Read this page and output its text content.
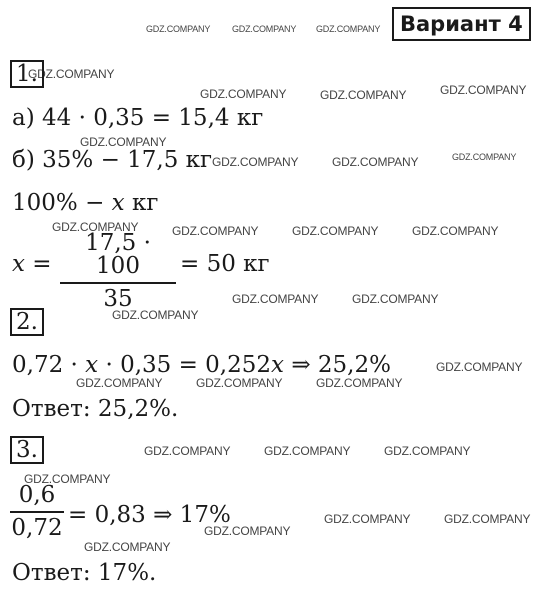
Вариант 4
GDZ.COMPANY GDZ.COMPANY GDZ.COMPANY
GDZ.COMPANY
GDZ.COMPANY	GDZ.COMPANY	GDZ.COMPANY
GDZ.COMPANY
GDZ.COMPANY	GDZ.COMPANY	GDZ.COMPANY
GDZ.COMPANY	GDZ.COMPANY	GDZ.COMPANY	GDZ.COMPANY
GDZ.COMPANY	GDZ.COMPANY
GDZ.COMPANY
GDZ.COMPANY
GDZ.COMPANY	GDZ.COMPANY	GDZ.COMPANY
GDZ.COMPANY	GDZ.COMPANY	GDZ.COMPANY
GDZ.COMPANY
GDZ.COMPANY	GDZ.COMPANY
GDZ.COMPANY
GDZ.COMPANY
1.
а) 44 · 0,35 = 15,4 кг
б) 35% − 17,5 кг
100% − x кг
x =
17,5 · 100
35
= 50 кг
2.
0,72 · x · 0,35 = 0,252x ⇒ 25,2%
Ответ: 25,2%.
3.
0,6
0,72 = 0,83 ⇒ 17%
Ответ: 17%.
